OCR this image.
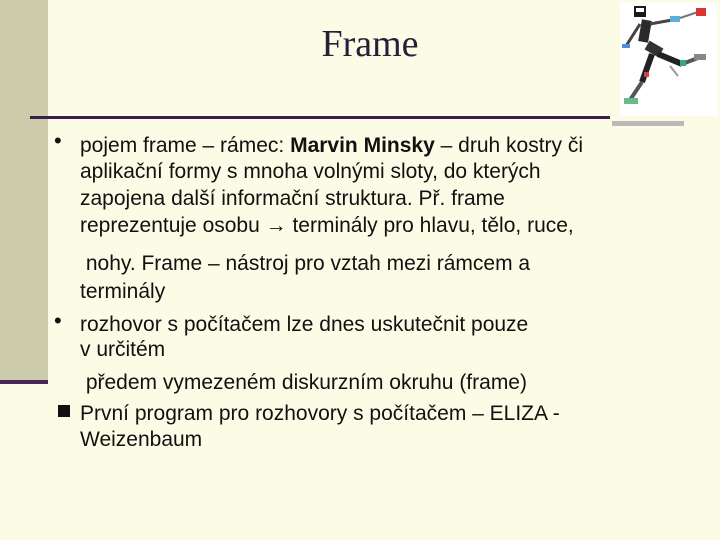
Frame
• pojem frame – rámec: Marvin Minsky – druh kostry či
aplikační formy s mnoha volnými sloty, do kterých
zapojena další informační struktura. Př. frame
reprezentuje osobu → terminály pro hlavu, tělo, ruce,
nohy. Frame – nástroj pro vztah mezi rámcem a
terminály
• rozhovor s počítačem lze dnes uskutečnit pouze
v určitém
předem vymezeném diskurzním okruhu (frame)
První program pro rozhovory s počítačem – ELIZA -
Weizenbaum
